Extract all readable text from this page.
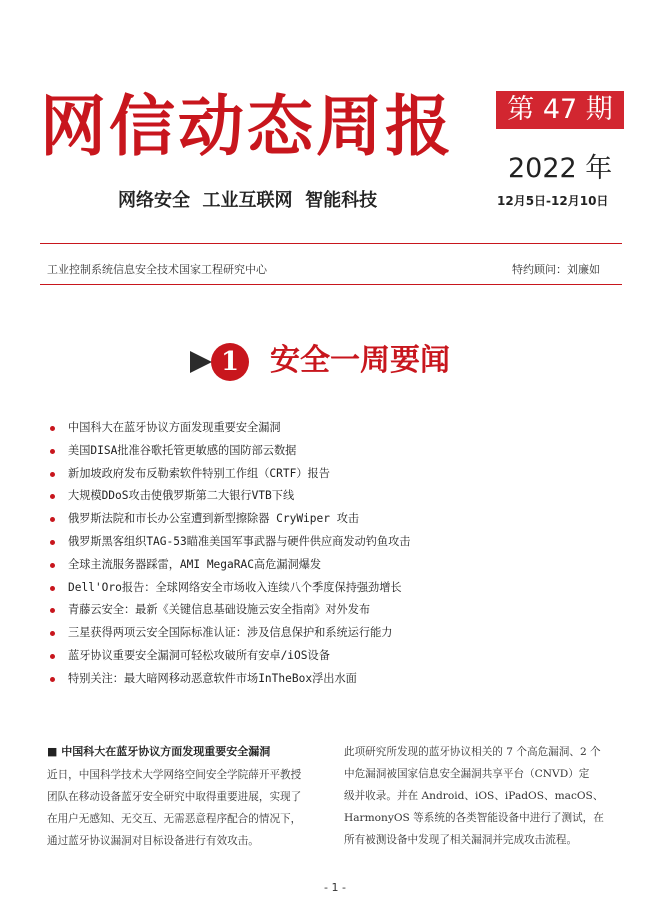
网信动态周报	第 47 期
2022 年
网络安全  工业互联网  智能科技	12月5日-12月10日
工业控制系统信息安全技术国家工程研究中心	特约顾问：刘廉如
1	安全一周要闻
中国科大在蓝牙协议方面发现重要安全漏洞
美国DISA批准谷歌托管更敏感的国防部云数据
新加坡政府发布反勒索软件特别工作组（CRTF）报告
大规模DDoS攻击使俄罗斯第二大银行VTB下线
俄罗斯法院和市长办公室遭到新型擦除器 CryWiper 攻击
俄罗斯黑客组织TAG-53瞄准美国军事武器与硬件供应商发动钓鱼攻击
全球主流服务器踩雷，AMI MegaRAC高危漏洞爆发
Dell'Oro报告：全球网络安全市场收入连续八个季度保持强劲增长
青藤云安全：最新《关键信息基础设施云安全指南》对外发布
三星获得两项云安全国际标准认证：涉及信息保护和系统运行能力
蓝牙协议重要安全漏洞可轻松攻破所有安卓/iOS设备
特别关注：最大暗网移动恶意软件市场InTheBox浮出水面
■ 中国科大在蓝牙协议方面发现重要安全漏洞
近日，中国科学技术大学网络空间安全学院薛开平教授
团队在移动设备蓝牙安全研究中取得重要进展，实现了
在用户无感知、无交互、无需恶意程序配合的情况下，
通过蓝牙协议漏洞对目标设备进行有效攻击。
此项研究所发现的蓝牙协议相关的 7 个高危漏洞、2 个
中危漏洞被国家信息安全漏洞共享平台（CNVD）定
级并收录。并在 Android、iOS、iPadOS、macOS、
HarmonyOS 等系统的各类智能设备中进行了测试，在
所有被测设备中发现了相关漏洞并完成攻击流程。
- 1 -
